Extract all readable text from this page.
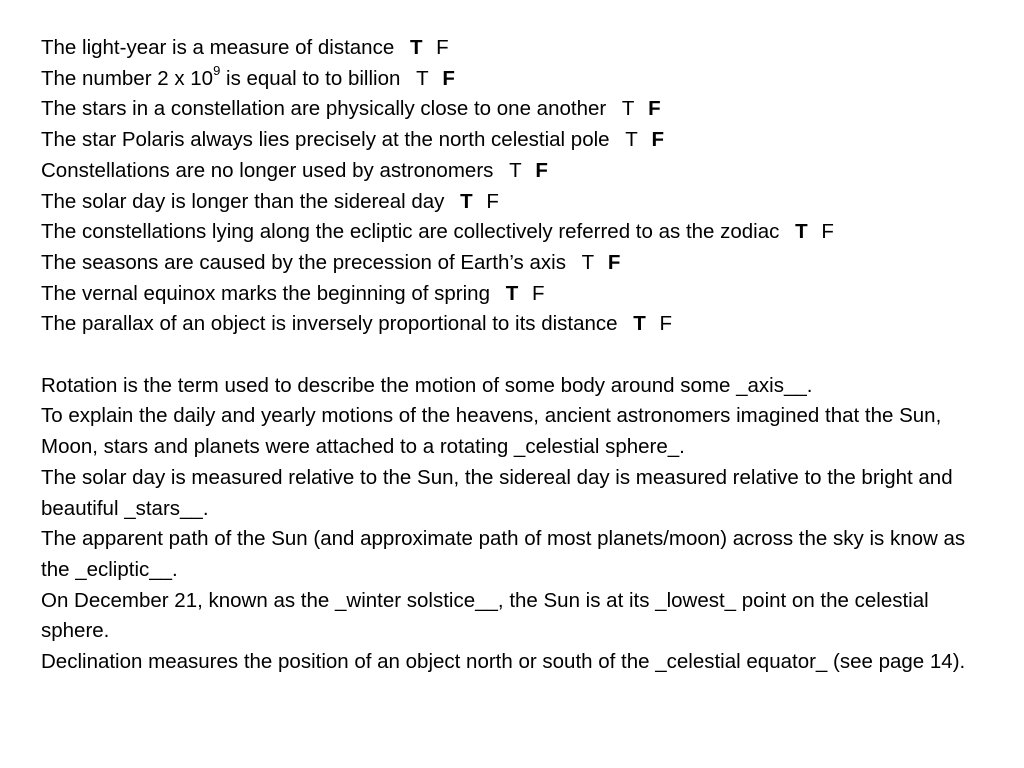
The light-year is a measure of distance T F
The number 2 x $10^9$ is equal to to billion T F
The stars in a constellation are physically close to one another T F
The star Polaris always lies precisely at the north celestial pole T F
Constellations are no longer used by astronomers T F
The solar day is longer than the sidereal day T F
The constellations lying along the ecliptic are collectively referred to as the zodiac T F
The seasons are caused by the precession of Earth’s axis T F
The vernal equinox marks the beginning of spring T F
The parallax of an object is inversely proportional to its distance T F
Rotation is the term used to describe the motion of some body around some _axis__.
To explain the daily and yearly motions of the heavens, ancient astronomers imagined that the Sun, Moon, stars and planets were attached to a rotating _celestial sphere_.
The solar day is measured relative to the Sun, the sidereal day is measured relative to the bright and beautiful _stars__.
The apparent path of the Sun (and approximate path of most planets/moon) across the sky is know as the _ecliptic__.
On December 21, known as the _winter solstice__, the Sun is at its _lowest_ point on the celestial sphere.
Declination measures the position of an object north or south of the _celestial equator_ (see page 14).
